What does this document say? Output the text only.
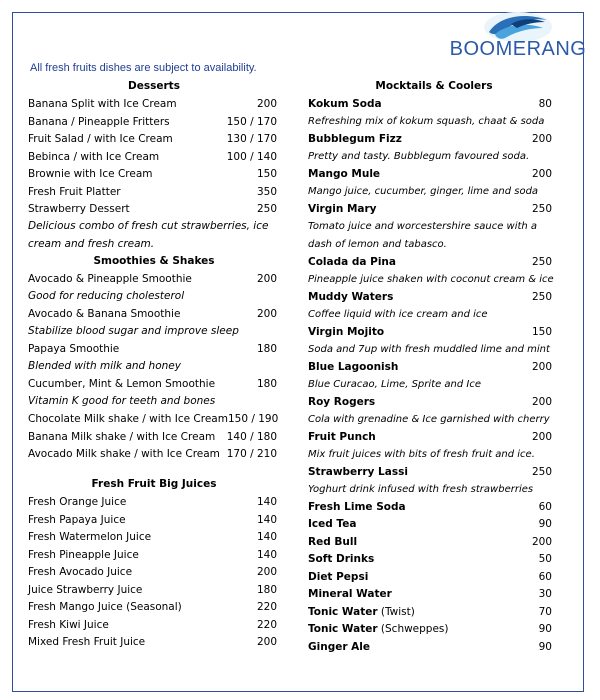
BOOMERANG
All fresh fruits dishes are subject to availability.
Desserts
Banana Split with Ice Cream	200
Banana / Pineapple Fritters	150 / 170
Fruit Salad / with Ice Cream	130 / 170
Bebinca / with Ice Cream	100 / 140
Brownie with Ice Cream	150
Fresh Fruit Platter	350
Strawberry Dessert	250
Delicious combo of fresh cut strawberries, ice cream and fresh cream.
Smoothies & Shakes
Avocado & Pineapple Smoothie	200
Good for reducing cholesterol
Avocado & Banana Smoothie	200
Stabilize blood sugar and improve sleep
Papaya Smoothie	180
Blended with milk and honey
Cucumber, Mint & Lemon Smoothie	180
Vitamin K good for teeth and bones
Chocolate Milk shake / with Ice Cream 150 / 190
Banana Milk shake / with Ice Cream 140 / 180
Avocado Milk shake / with Ice Cream 170 / 210
Fresh Fruit Big Juices
Fresh Orange Juice	140
Fresh Papaya Juice	140
Fresh Watermelon Juice	140
Fresh Pineapple Juice	140
Fresh Avocado Juice	200
Juice Strawberry Juice	180
Fresh Mango Juice (Seasonal)	220
Fresh Kiwi Juice	220
Mixed Fresh Fruit Juice	200
Mocktails & Coolers
Kokum Soda	80
Refreshing mix of kokum squash, chaat & soda
Bubblegum Fizz	200
Pretty and tasty. Bubblegum favoured soda.
Mango Mule	200
Mango juice, cucumber, ginger, lime and soda
Virgin Mary	250
Tomato juice and worcestershire sauce with a dash of lemon and tabasco.
Colada da Pina	250
Pineapple juice shaken with coconut cream & ice
Muddy Waters	250
Coffee liquid with ice cream and ice
Virgin Mojito	150
Soda and 7up with fresh muddled lime and mint
Blue Lagoonish	200
Blue Curacao, Lime, Sprite and Ice
Roy Rogers	200
Cola with grenadine & Ice garnished with cherry
Fruit Punch	200
Mix fruit juices with bits of fresh fruit and ice.
Strawberry Lassi	250
Yoghurt drink infused with fresh strawberries
Fresh Lime Soda	60
Iced Tea	90
Red Bull	200
Soft Drinks	50
Diet Pepsi	60
Mineral Water	30
Tonic Water (Twist)	70
Tonic Water (Schweppes)	90
Ginger Ale	90
